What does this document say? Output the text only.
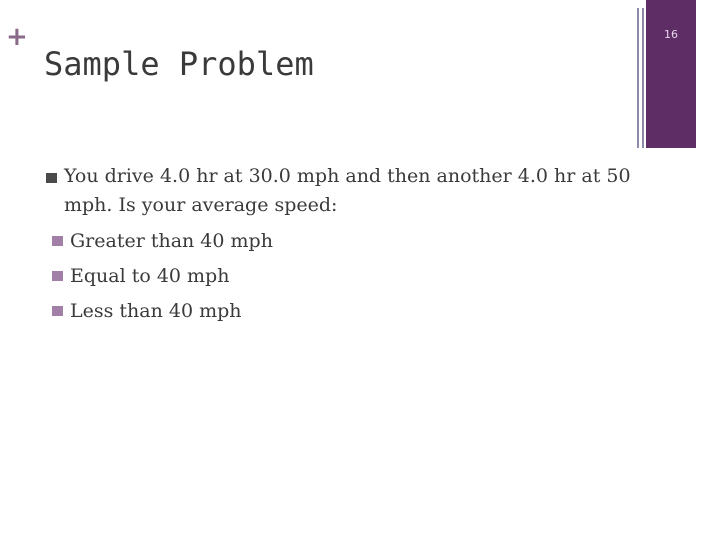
+
Sample Problem
16
You drive 4.0 hr at 30.0 mph and then another 4.0 hr at 50 mph. Is your average speed:
Greater than 40 mph
Equal to 40 mph
Less than 40 mph
